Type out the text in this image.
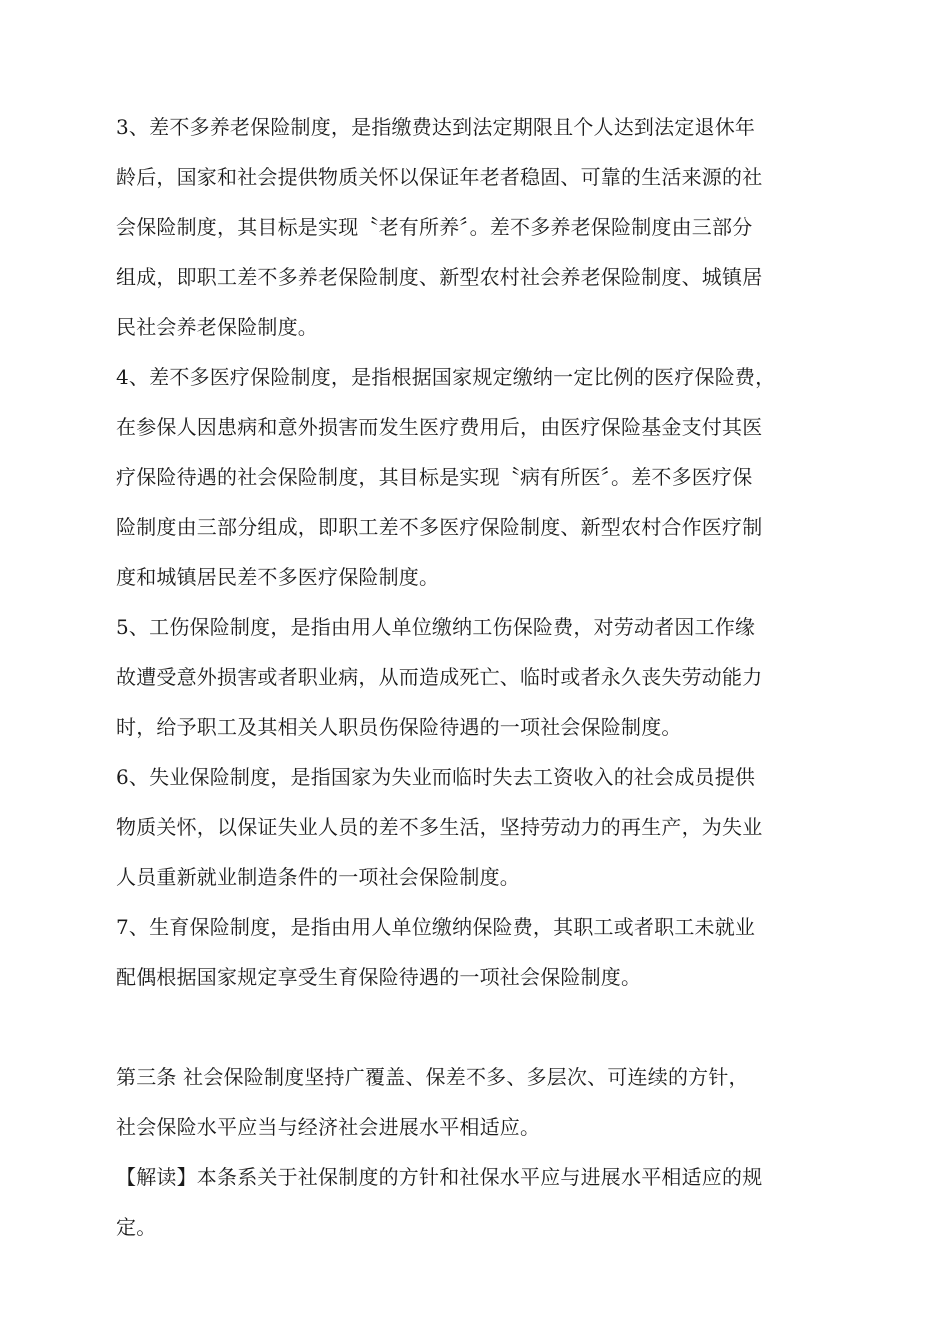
3、差不多养老保险制度，是指缴费达到法定期限且个人达到法定退休年
龄后，国家和社会提供物质关怀以保证年老者稳固、可靠的生活来源的社
会保险制度，其目标是实现〝老有所养〞。差不多养老保险制度由三部分
组成，即职工差不多养老保险制度、新型农村社会养老保险制度、城镇居
民社会养老保险制度。
4、差不多医疗保险制度，是指根据国家规定缴纳一定比例的医疗保险费，
在参保人因患病和意外损害而发生医疗费用后，由医疗保险基金支付其医
疗保险待遇的社会保险制度，其目标是实现〝病有所医〞。差不多医疗保
险制度由三部分组成，即职工差不多医疗保险制度、新型农村合作医疗制
度和城镇居民差不多医疗保险制度。
5、工伤保险制度，是指由用人单位缴纳工伤保险费，对劳动者因工作缘
故遭受意外损害或者职业病，从而造成死亡、临时或者永久丧失劳动能力
时，给予职工及其相关人职员伤保险待遇的一项社会保险制度。
6、失业保险制度，是指国家为失业而临时失去工资收入的社会成员提供
物质关怀，以保证失业人员的差不多生活，坚持劳动力的再生产，为失业
人员重新就业制造条件的一项社会保险制度。
7、生育保险制度，是指由用人单位缴纳保险费，其职工或者职工未就业
配偶根据国家规定享受生育保险待遇的一项社会保险制度。
第三条 社会保险制度坚持广覆盖、保差不多、多层次、可连续的方针，
社会保险水平应当与经济社会进展水平相适应。
【解读】本条系关于社保制度的方针和社保水平应与进展水平相适应的规
定。
